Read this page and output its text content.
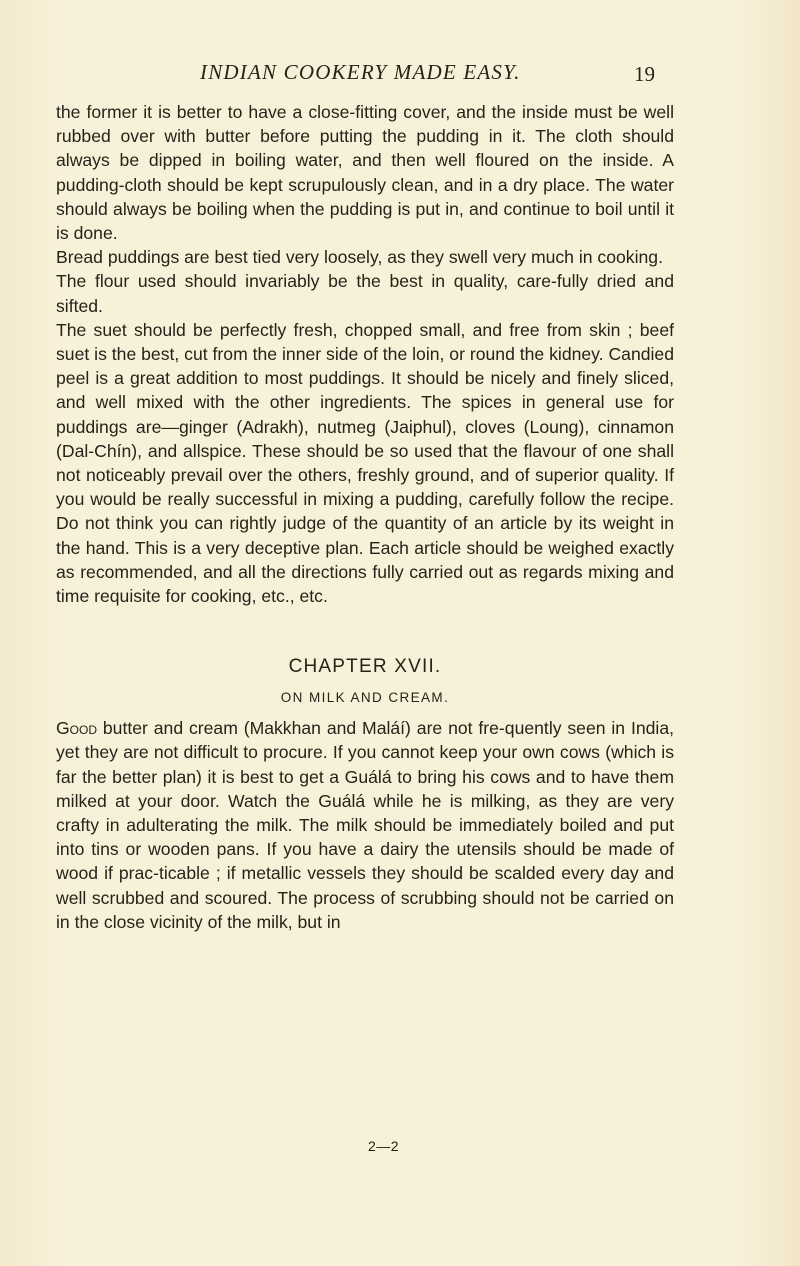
INDIAN COOKERY MADE EASY.	19

the former it is better to have a close-fitting cover, and the inside must be well rubbed over with butter before putting the pudding in it. The cloth should always be dipped in boiling water, and then well floured on the inside. A pudding-cloth should be kept scrupulously clean, and in a dry place. The water should always be boiling when the pudding is put in, and continue to boil until it is done.

Bread puddings are best tied very loosely, as they swell very much in cooking.

The flour used should invariably be the best in quality, care-fully dried and sifted.

The suet should be perfectly fresh, chopped small, and free from skin ; beef suet is the best, cut from the inner side of the loin, or round the kidney. Candied peel is a great addition to most puddings. It should be nicely and finely sliced, and well mixed with the other ingredients. The spices in general use for puddings are—ginger (Adrakh), nutmeg (Jaiphul), cloves (Loung), cinnamon (Dal-Chín), and allspice. These should be so used that the flavour of one shall not noticeably prevail over the others, freshly ground, and of superior quality. If you would be really successful in mixing a pudding, carefully follow the recipe. Do not think you can rightly judge of the quantity of an article by its weight in the hand. This is a very deceptive plan. Each article should be weighed exactly as recommended, and all the directions fully carried out as regards mixing and time requisite for cooking, etc., etc.

CHAPTER XVII.
ON MILK AND CREAM.

Good butter and cream (Makkhan and Maláí) are not fre-quently seen in India, yet they are not difficult to procure. If you cannot keep your own cows (which is far the better plan) it is best to get a Guálá to bring his cows and to have them milked at your door. Watch the Guálá while he is milking, as they are very crafty in adulterating the milk. The milk should be immediately boiled and put into tins or wooden pans. If you have a dairy the utensils should be made of wood if prac-ticable ; if metallic vessels they should be scalded every day and well scrubbed and scoured. The process of scrubbing should not be carried on in the close vicinity of the milk, but in

2—2
